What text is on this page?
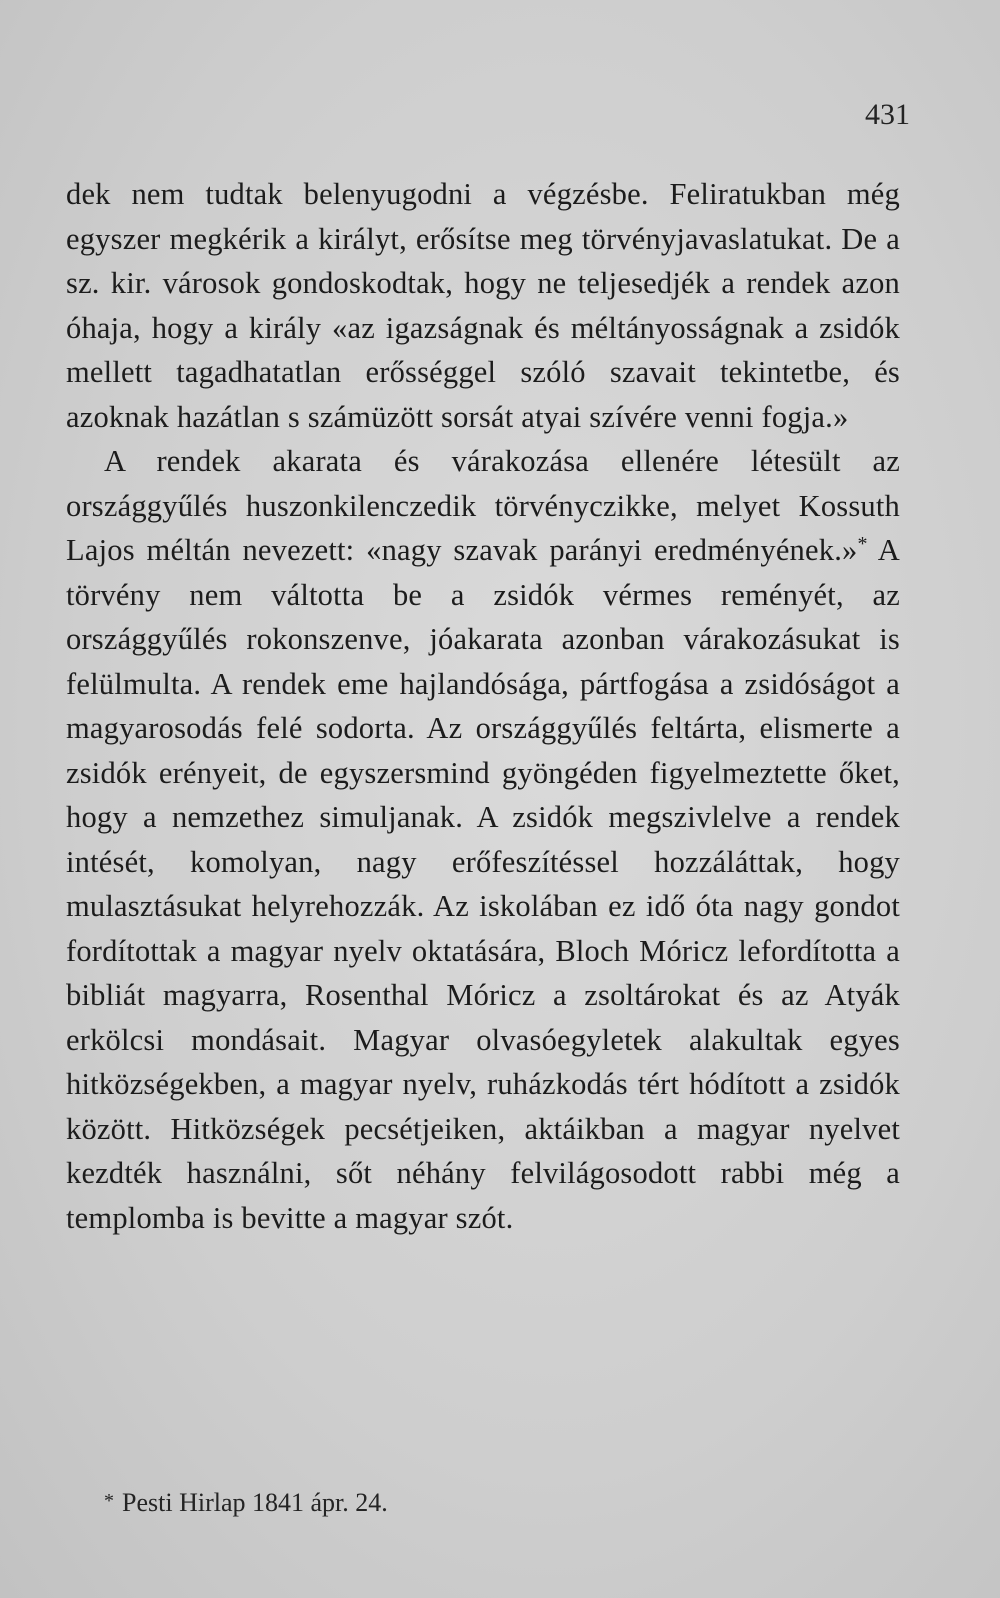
431

dek nem tudtak belenyugodni a végzésbe. Feliratukban még egyszer megkérik a királyt, erősítse meg törvényjavaslatukat. De a sz. kir. városok gondoskodtak, hogy ne teljesedjék a rendek azon óhaja, hogy a király «az igazságnak és méltányosságnak a zsidók mellett tagadhatatlan erősséggel szóló szavait tekintetbe, és azoknak hazátlan s számüzött sorsát atyai szívére venni fogja.»

A rendek akarata és várakozása ellenére létesült az országgyűlés huszonkilenczedik törvényczikke, melyet Kossuth Lajos méltán nevezett: «nagy szavak parányi eredményének.»* A törvény nem váltotta be a zsidók vérmes reményét, az országgyűlés rokonszenve, jóakarata azonban várakozásukat is felülmulta. A rendek eme hajlandósága, pártfogása a zsidóságot a magyarosodás felé sodorta. Az országgyűlés feltárta, elismerte a zsidók erényeit, de egyszersmind gyöngéden figyelmeztette őket, hogy a nemzethez simuljanak. A zsidók megszivlelve a rendek intését, komolyan, nagy erőfeszítéssel hozzáláttak, hogy mulasztásukat helyrehozzák. Az iskolában ez idő óta nagy gondot fordítottak a magyar nyelv oktatására, Bloch Móricz lefordította a bibliát magyarra, Rosenthal Móricz a zsoltárokat és az Atyák erkölcsi mondásait. Magyar olvasóegyletek alakultak egyes hitközségekben, a magyar nyelv, ruházkodás tért hódított a zsidók között. Hitközségek pecsétjeiken, aktáikban a magyar nyelvet kezdték használni, sőt néhány felvilágosodott rabbi még a templomba is bevitte a magyar szót.

* Pesti Hirlap 1841 ápr. 24.
